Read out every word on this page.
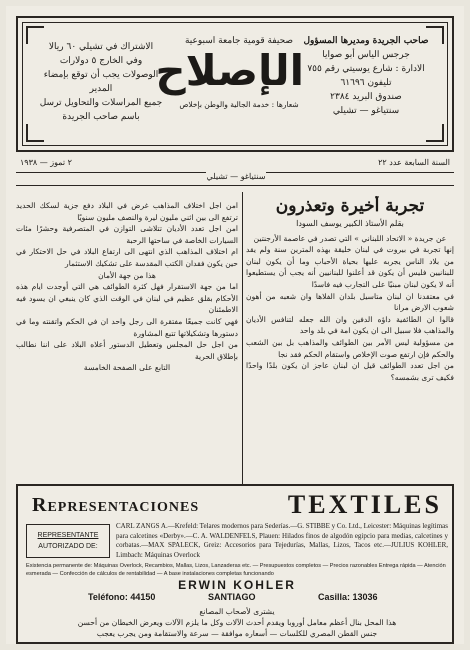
صاحب الجريدة ومديرها المسؤول
جرجس الياس أبو صوايا
الادارة : شارع يوسيتي رقم ٧٥٥ تليفون ٦١٦٩٦
صندوق البريد ٢٣٨٤
سنتياغو — تشيلي
صحيفة قومية جامعة اسبوعية
الإصلاح
شعارها : خدمة الجالية والوطن بإخلاص
الاشتراك في تشيلي ٦٠ ريالا
وفي الخارج ٥ دولارات
الوصولات يجب أن توقع بإمضاء المدير
جميع المراسلات والتحاويل ترسل
باسم صاحب الجريدة
السنة السابعة عدد ٢٢
٢ تموز — ١٩٣٨
سنتياغو — تشيلي
تجربة أخيرة وتعذرون
بقلم الأستاذ الكبير يوسف السودا
عن جريدة « الاتحاد اللبناني » التي تصدر في عاصمة الأرجنتين

إنها تجربة في بيروت في لبنان خليقة بهذه المترين سنة ولم يقد من بلاد الناس يجربه عليها بحياة الأحباب وما أن يكون لبنان للبنانيين فليس أن يكون قد أعلنوا للبنانيين أنه يجب أن يستطيعوا أنه لا يكون لبنان مبنيًا على التجارب فيه فاسدًا

في معتقدنا ان لبنان متاسيل بلدان الفلاها وان شعبه من أهون شعوب الارض مرانا

قالوا ان الطائفية داؤه الدفين وان الله جعله لتنافس الأديان والمذاهب فلا سبيل الى ان يكون امة في بلد واحد

من مسؤولية ليس الأمر بين الطوائف والمذاهب بل بين الشعب والحكم فإن ارتفع صوت الإخلاص واستقام الحكم فقد نجا

من اجل تعدد الطوائف قيل ان لبنان عاجز ان يكون بلدًا واحدًا فكيف ترى بشمسه؟

امن اجل اختلاف المذاهب غرض في البلاد دفع جزية لسكك الحديد ترتفع الى بين اثني مليون ليرة والنصف مليون سنويًا

امن اجل تعدد الأديان تتلاشى التوازن في المتصرفية وحشرًا مئات السيارات الخاصة في ساحتها الرحبة

ام اختلاف المذاهب الذي انتهى الى ارتفاع البلاد في حل الاحتكار في حين يكون فقدان الكتب المقدسة على تشكيك الاستثمار

هذا من جهة الأمان

اما من جهة الاستقرار فهل كثرة الطوائف هي التي أوجدت ايام هذه الأحكام بقلق عظيم في لبنان في الوقت الذي كان ينبغي ان يسود فيه الاطمئنان

فهي كانت جميعًا مفتقرة الى رجل واحد ان في الحكم واتقنته وما في دستورها وتشكيلاتها تتبع المشاورة

من اجل حل المجلس وتعطيل الدستور أعلاه البلاد على اننا نطالب بإطلاق الحرية

التابع على الصفحة الخامسة

Representaciones	TEXTILES
REPRESENTANTE
AUTORIZADO DE:
CARL ZANGS A.—Krefeld: Telares modernos para Sederías.—G. STIBBE y Co. Ltd., Leicester: Máquinas legítimas para calcetines «Derby».—C. A. WALDENFELS, Plauen: Hilados finos de algodón egipcio para medias, calcetines y corbatas.—MAX SPALECK, Greiz: Accesorios para Tejedurías, Mallas, Lizos, Tacos etc.—JULIUS KOHLER, Limbach: Máquinas Overlock
Existencia permanente de: Máquinas Overlock, Recambios, Mallas, Lizos, Lanzaderas etc. — Presupuestos completos — Precios razonables Entrega rápida — Atención esmerada — Confección de cálculos de rentabilidad — A base instalaciones completas funcionando
ERWIN KOHLER
Teléfono: 44150	SANTIAGO	Casilla: 13036
يشترى لأصحاب المصانع
هذا المحل بنال أعظم معامل أوروبا ويقدم أحدث الآلات وكل ما يلزم الآلات ويعرض الخيطان من أحسن
جنس القطن المصري للكلسات — أسعاره موافقة — سرعة والاستقامة ومن يجرب يعجب
